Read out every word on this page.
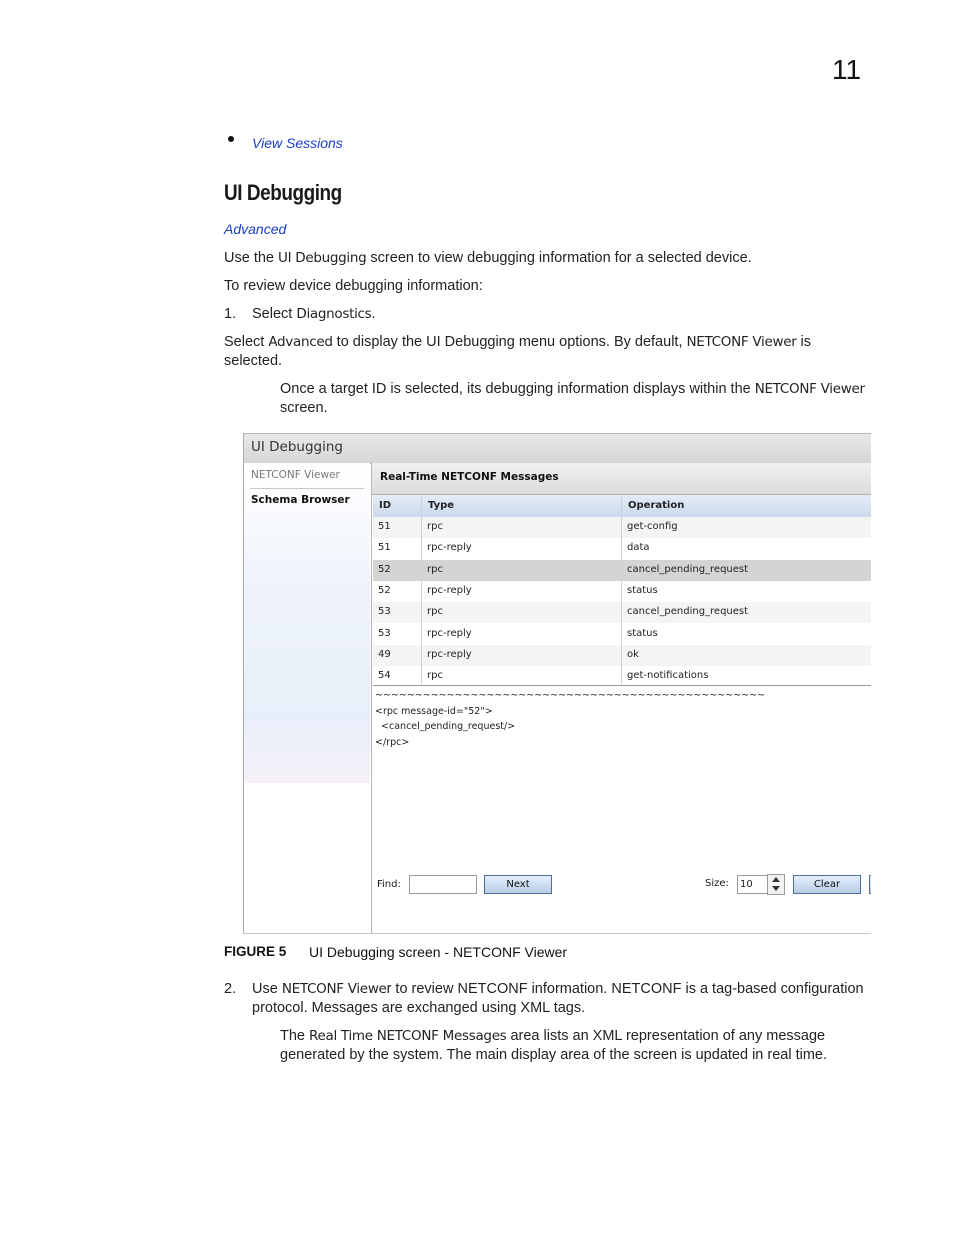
11
View Sessions
UI Debugging
Advanced
Use the UI Debugging screen to view debugging information for a selected device.
To review device debugging information:
1. Select Diagnostics.
Select Advanced to display the UI Debugging menu options. By default, NETCONF Viewer is
selected.
Once a target ID is selected, its debugging information displays within the NETCONF Viewer
screen.
UI Debugging
NETCONF Viewer
Schema Browser
Real-Time NETCONF Messages
ID	Type	Operation
51	rpc	get-config
51	rpc-reply	data
52	rpc	cancel_pending_request
52	rpc-reply	status
53	rpc	cancel_pending_request
53	rpc-reply	status
49	rpc-reply	ok
54	rpc	get-notifications
~~~~~~~~~~~~~~~~~~~~~~~~~~~~~~~~~~~~~~~~~~~~~~~~~
<rpc message-id="52">
<cancel_pending_request/>
</rpc>
Find:	Next	Size:	10	Clear
FIGURE 5 UI Debugging screen - NETCONF Viewer
2. Use NETCONF Viewer to review NETCONF information. NETCONF is a tag-based configuration
protocol. Messages are exchanged using XML tags.
The Real Time NETCONF Messages area lists an XML representation of any message
generated by the system. The main display area of the screen is updated in real time.
